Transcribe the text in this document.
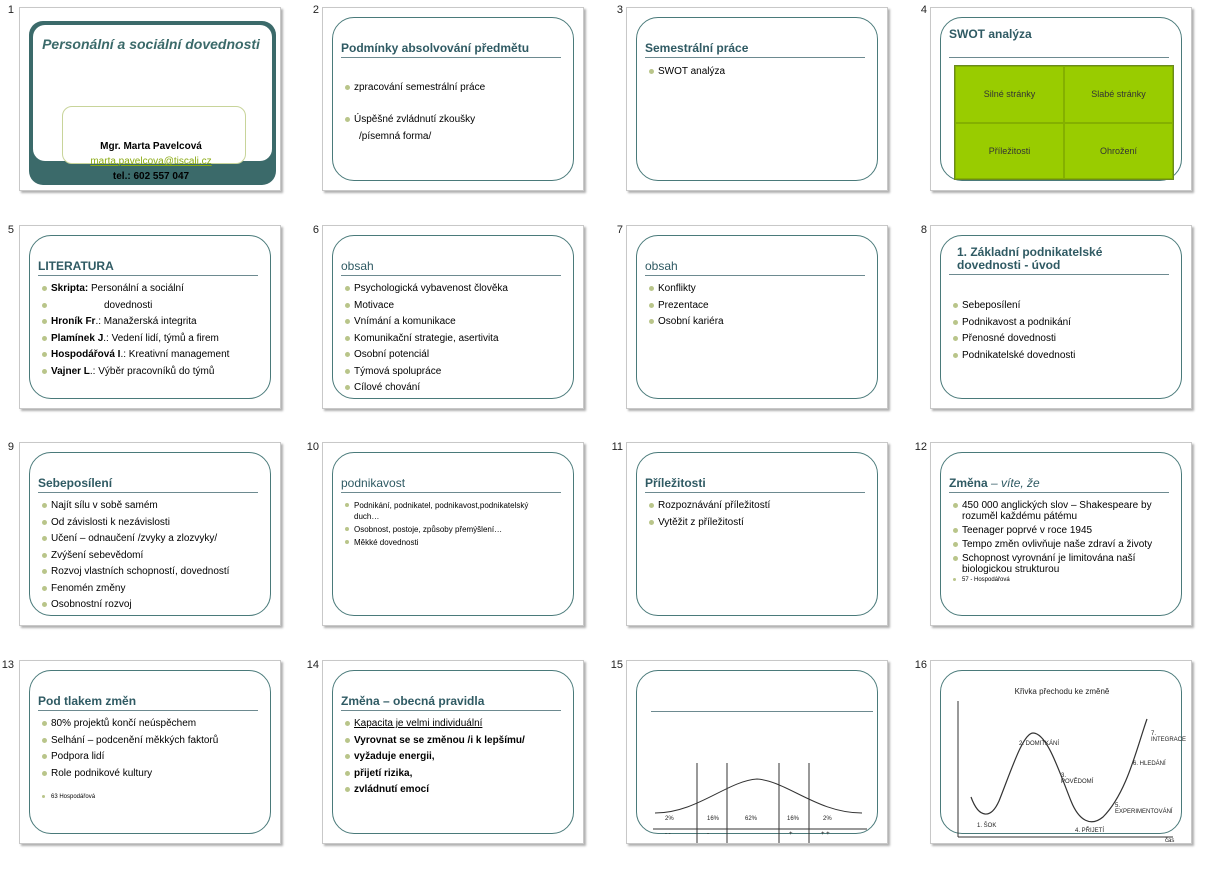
1
Personální a sociální dovednosti
Mgr. Marta Pavelcová
marta.pavelcova@tiscali.cz
tel.: 602 557 047
2
Podmínky absolvování předmětu
zpracování semestrální práce
Úspěšné zvládnutí zkoušky
/písemná forma/
3
Semestrální práce
SWOT analýza
4
SWOT analýza
Silné stránky	Slabé stránky
Příležitosti	Ohrožení
5
LITERATURA
Skripta: Personální a sociální
dovednosti
Hroník Fr.: Manažerská integrita
Plamínek J.: Vedení lidí, týmů a firem
Hospodářová I.: Kreativní management
Vajner L.: Výběr pracovníků do týmů
6
obsah
Psychologická vybavenost člověka
Motivace
Vnímání a komunikace
Komunikační strategie, asertivita
Osobní potenciál
Týmová spolupráce
Cílové chování
7
obsah
Konflikty
Prezentace
Osobní kariéra
8
1. Základní podnikatelské dovednosti - úvod
Sebeposílení
Podnikavost a podnikání
Přenosné dovednosti
Podnikatelské dovednosti
9
Sebeposílení
Najít sílu v sobě samém
Od závislosti k nezávislosti
Učení – odnaučení /zvyky a zlozvyky/
Zvýšení sebevědomí
Rozvoj vlastních schopností, dovedností
Fenomén změny
Osobnostní rozvoj
10
podnikavost
Podnikání, podnikatel, podnikavost,podnikatelský duch…
Osobnost, postoje, způsoby přemýšlení…
Měkké dovednosti
11
Příležitosti
Rozpoznávání příležitostí
Vytěžit z příležitostí
12
Změna – víte, že
450 000 anglických slov – Shakespeare by rozuměl každému pátému
Teenager poprvé v roce 1945
Tempo změn ovlivňuje naše zdraví a životy
Schopnost vyrovnání je limitována naší biologickou strukturou
57 - Hospodářová
13
Pod tlakem změn
80% projektů končí neúspěchem
Selhání – podcenění měkkých faktorů
Podpora lidí
Role podnikové kultury
63 Hospodářová
14
Změna – obecná pravidla
Kapacita je velmi individuální
Vyrovnat se se změnou /i k lepšímu/
vyžaduje energii,
přijetí rizika,
zvládnutí emocí
15
2%	16%	62%	16%	2%
- -	-	+	+ +
16
Křivka přechodu ke změně
1. ŠOK
2. DOMITKÁNÍ
3. POVĚDOMÍ
4. PŘIJETÍ
5. EXPERIMENTOVÁNÍ
6. HLEDÁNÍ
7. INTEGRACE
čas
